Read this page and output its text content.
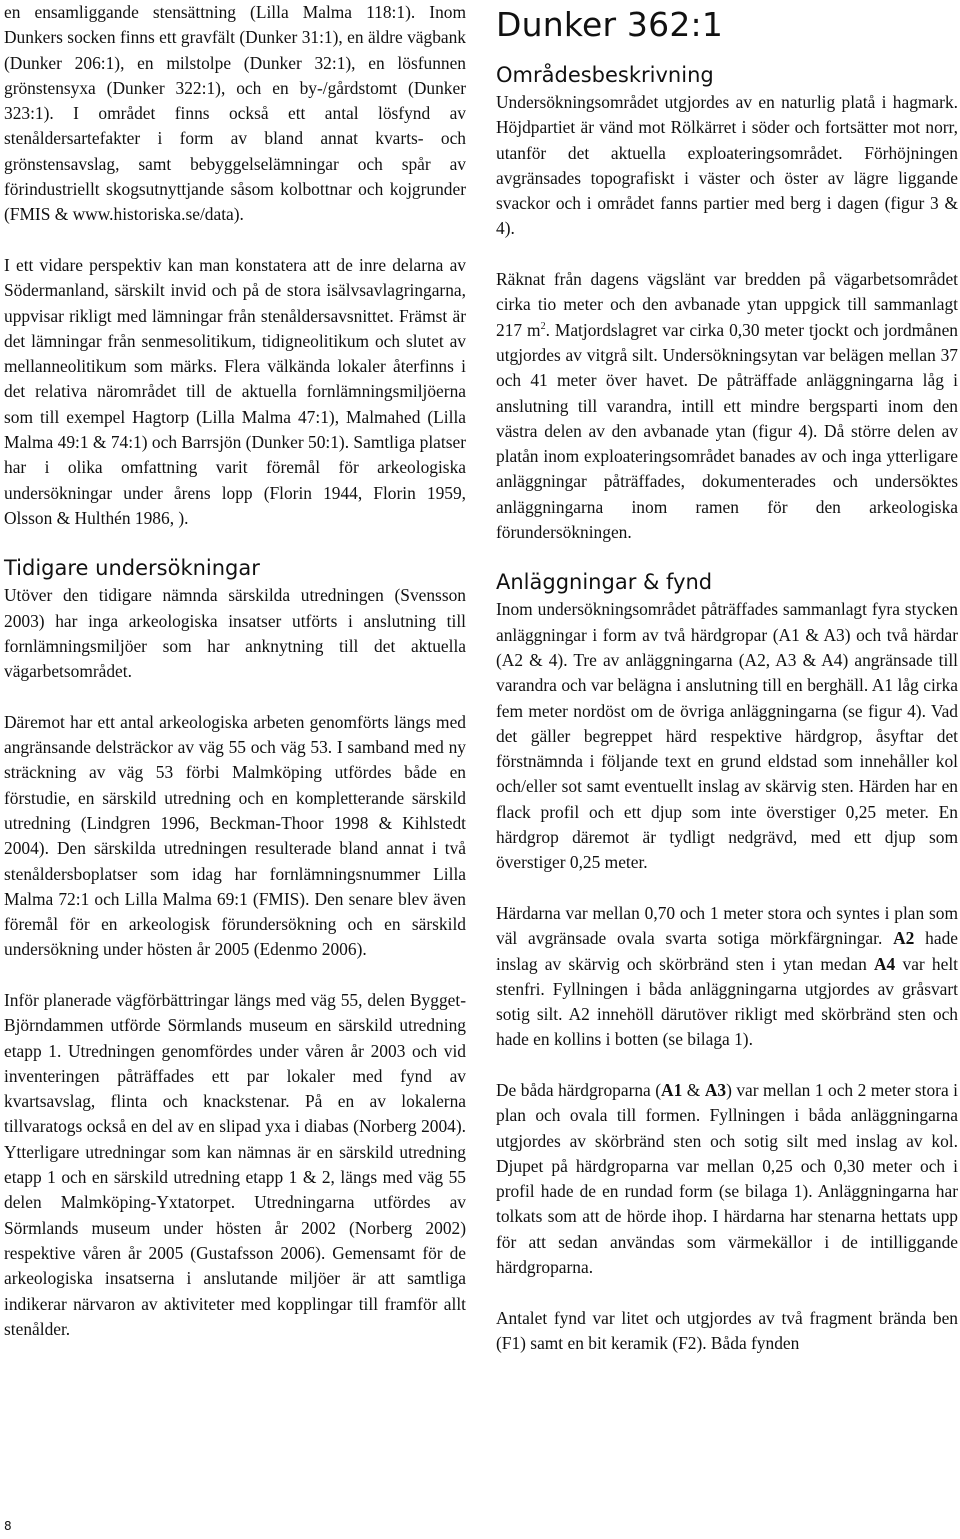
en ensamliggande stensättning (Lilla Malma 118:1). Inom Dunkers socken finns ett gravfält (Dunker 31:1), en äldre vägbank (Dunker 206:1), en milstolpe (Dunker 32:1), en lösfunnen grönstensyxa (Dunker 322:1), och en by-/gårdstomt (Dunker 323:1). I området finns också ett antal lösfynd av stenåldersartefakter i form av bland annat kvarts- och grönstensavslag, samt bebyggelselämningar och spår av förindustriellt skogsutnyttjande såsom kolbottnar och kojgrunder (FMIS & www.historiska.se/data).

I ett vidare perspektiv kan man konstatera att de inre delarna av Södermanland, särskilt invid och på de stora isälvsavlagringarna, uppvisar rikligt med lämningar från stenåldersavsnittet. Främst är det lämningar från senmesolitikum, tidigneolitikum och slutet av mellanneolitikum som märks. Flera välkända lokaler återfinns i det relativa närområdet till de aktuella fornlämningsmiljöerna som till exempel Hagtorp (Lilla Malma 47:1), Malmahed (Lilla Malma 49:1 & 74:1) och Barrsjön (Dunker 50:1). Samtliga platser har i olika omfattning varit föremål för arkeologiska undersökningar under årens lopp (Florin 1944, Florin 1959, Olsson & Hulthén 1986, ).

Tidigare undersökningar

Utöver den tidigare nämnda särskilda utredningen (Svensson 2003) har inga arkeologiska insatser utförts i anslutning till fornlämningsmiljöer som har anknytning till det aktuella vägarbetsområdet.

Däremot har ett antal arkeologiska arbeten genomförts längs med angränsande delsträckor av väg 55 och väg 53. I samband med ny sträckning av väg 53 förbi Malmköping utfördes både en förstudie, en särskild utredning och en kompletterande särskild utredning (Lindgren 1996, Beckman-Thoor 1998 & Kihlstedt 2004). Den särskilda utredningen resulterade bland annat i två stenåldersboplatser som idag har fornlämningsnummer Lilla Malma 72:1 och Lilla Malma 69:1 (FMIS). Den senare blev även föremål för en arkeologisk förundersökning och en särskild undersökning under hösten år 2005 (Edenmo 2006).

Inför planerade vägförbättringar längs med väg 55, delen Bygget-Björndammen utförde Sörmlands museum en särskild utredning etapp 1. Utredningen genomfördes under våren år 2003 och vid inventeringen påträffades ett par lokaler med fynd av kvartsavslag, flinta och knackstenar. På en av lokalerna tillvaratogs också en del av en slipad yxa i diabas (Norberg 2004). Ytterligare utredningar som kan nämnas är en särskild utredning etapp 1 och en särskild utredning etapp 1 & 2, längs med väg 55 delen Malmköping-Yxtatorpet. Utredningarna utfördes av Sörmlands museum under hösten år 2002 (Norberg 2002) respektive våren år 2005 (Gustafsson 2006). Gemensamt för de arkeologiska insatserna i anslutande miljöer är att samtliga indikerar närvaron av aktiviteter med kopplingar till framför allt stenålder.

Dunker 362:1
Områdesbeskrivning

Undersökningsområdet utgjordes av en naturlig platå i hagmark. Höjdpartiet är vänd mot Rölkärret i söder och fortsätter mot norr, utanför det aktuella exploateringsområdet. Förhöjningen avgränsades topografiskt i väster och öster av lägre liggande svackor och i området fanns partier med berg i dagen (figur 3 & 4).

Räknat från dagens vägslänt var bredden på vägarbetsområdet cirka tio meter och den avbanade ytan uppgick till sammanlagt 217 $m^2$. Matjordslagret var cirka 0,30 meter tjockt och jordmånen utgjordes av vitgrå silt. Undersökningsytan var belägen mellan 37 och 41 meter över havet. De påträffade anläggningarna låg i anslutning till varandra, intill ett mindre bergsparti inom den västra delen av den avbanade ytan (figur 4). Då större delen av platån inom exploateringsområdet banades av och inga ytterligare anläggningar påträffades, dokumenterades och undersöktes anläggningarna inom ramen för den arkeologiska förundersökningen.

Anläggningar & fynd

Inom undersökningsområdet påträffades sammanlagt fyra stycken anläggningar i form av två härdgropar (A1 & A3) och två härdar (A2 & 4). Tre av anläggningarna (A2, A3 & A4) angränsade till varandra och var belägna i anslutning till en berghäll. A1 låg cirka fem meter nordöst om de övriga anläggningarna (se figur 4). Vad det gäller begreppet härd respektive härdgrop, åsyftar det förstnämnda i följande text en grund eldstad som innehåller kol och/eller sot samt eventuellt inslag av skärvig sten. Härden har en flack profil och ett djup som inte överstiger 0,25 meter. En härdgrop däremot är tydligt nedgrävd, med ett djup som överstiger 0,25 meter.

Härdarna var mellan 0,70 och 1 meter stora och syntes i plan som väl avgränsade ovala svarta sotiga mörkfärgningar. A2 hade inslag av skärvig och skörbränd sten i ytan medan A4 var helt stenfri. Fyllningen i båda anläggningarna utgjordes av gråsvart sotig silt. A2 innehöll därutöver rikligt med skörbränd sten och hade en kollins i botten (se bilaga 1).

De båda härdgroparna (A1 & A3) var mellan 1 och 2 meter stora i plan och ovala till formen. Fyllningen i båda anläggningarna utgjordes av skörbränd sten och sotig silt med inslag av kol. Djupet på härdgroparna var mellan 0,25 och 0,30 meter och i profil hade de en rundad form (se bilaga 1). Anläggningarna har tolkats som att de hörde ihop. I härdarna har stenarna hettats upp för att sedan användas som värmekällor i de intilliggande härdgroparna.

Antalet fynd var litet och utgjordes av två fragment brända ben (F1) samt en bit keramik (F2). Båda fynden

8
